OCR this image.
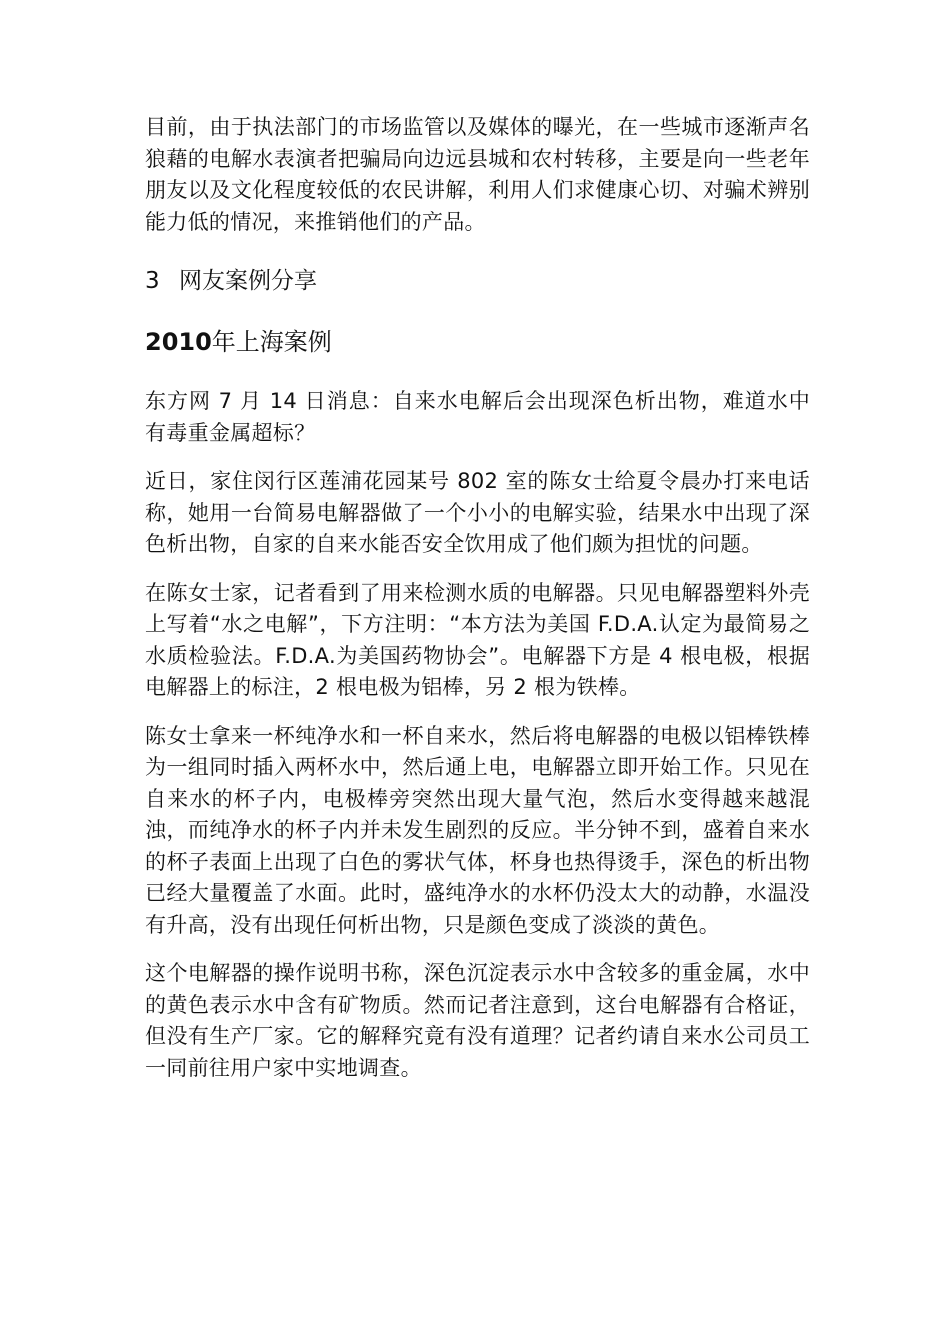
目前，由于执法部门的市场监管以及媒体的曝光，在一些城市逐渐声名狼藉的电解水表演者把骗局向边远县城和农村转移，主要是向一些老年朋友以及文化程度较低的农民讲解，利用人们求健康心切、对骗术辨别能力低的情况，来推销他们的产品。

3 网友案例分享
2010年上海案例

东方网 7 月 14 日消息：自来水电解后会出现深色析出物，难道水中有毒重金属超标？

近日，家住闵行区莲浦花园某号 802 室的陈女士给夏令晨办打来电话称，她用一台简易电解器做了一个小小的电解实验，结果水中出现了深色析出物，自家的自来水能否安全饮用成了他们颇为担忧的问题。

在陈女士家，记者看到了用来检测水质的电解器。只见电解器塑料外壳上写着“水之电解”，下方注明：“本方法为美国 F.D.A.认定为最简易之水质检验法。F.D.A.为美国药物协会”。电解器下方是 4 根电极，根据电解器上的标注，2 根电极为铝棒，另 2 根为铁棒。

陈女士拿来一杯纯净水和一杯自来水，然后将电解器的电极以铝棒铁棒为一组同时插入两杯水中，然后通上电，电解器立即开始工作。只见在自来水的杯子内，电极棒旁突然出现大量气泡，然后水变得越来越混浊，而纯净水的杯子内并未发生剧烈的反应。半分钟不到，盛着自来水的杯子表面上出现了白色的雾状气体，杯身也热得烫手，深色的析出物已经大量覆盖了水面。此时，盛纯净水的水杯仍没太大的动静，水温没有升高，没有出现任何析出物，只是颜色变成了淡淡的黄色。

这个电解器的操作说明书称，深色沉淀表示水中含较多的重金属，水中的黄色表示水中含有矿物质。然而记者注意到，这台电解器有合格证，但没有生产厂家。它的解释究竟有没有道理？记者约请自来水公司员工一同前往用户家中实地调查。
